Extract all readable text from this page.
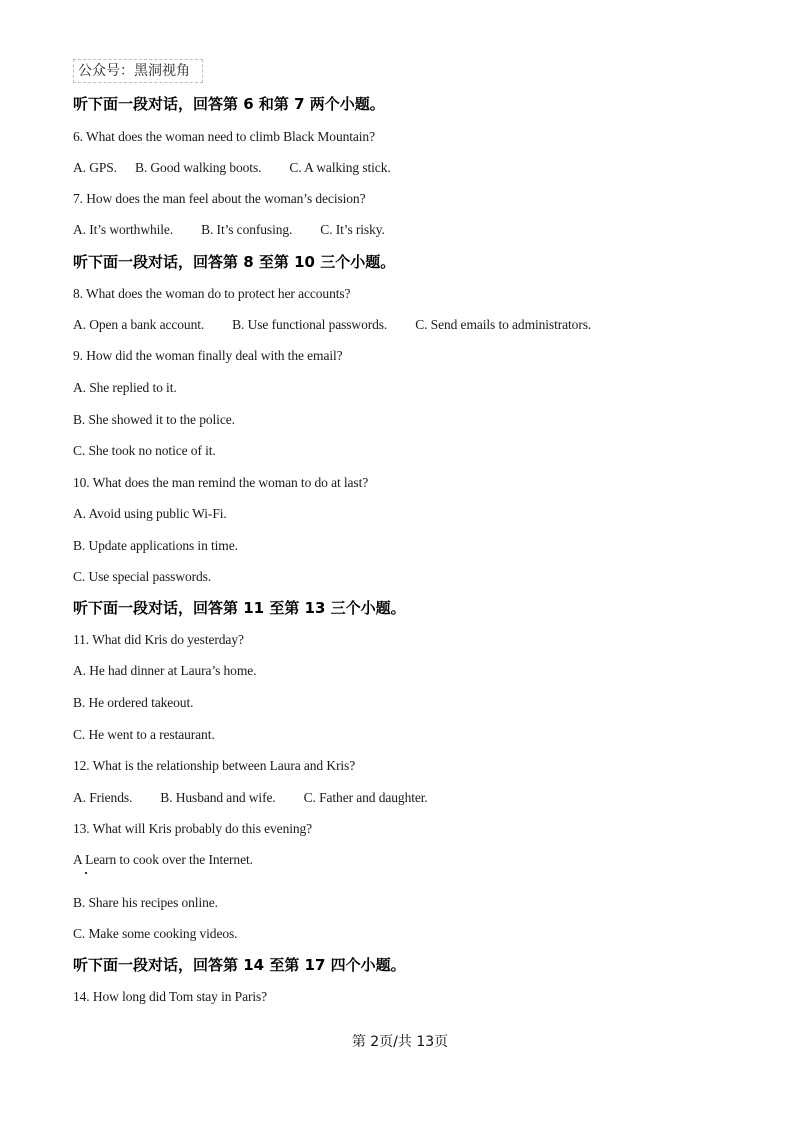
公众号：黑洞视角
听下面一段对话，回答第 6 和第 7 两个小题。
6. What does the woman need to climb Black Mountain?
A. GPS. B. Good walking boots. C. A walking stick.
7. How does the man feel about the woman’s decision?
A. It’s worthwhile. B. It’s confusing. C. It’s risky.
听下面一段对话，回答第 8 至第 10 三个小题。
8. What does the woman do to protect her accounts?
A. Open a bank account. B. Use functional passwords. C. Send emails to administrators.
9. How did the woman finally deal with the email?
A. She replied to it.
B. She showed it to the police.
C. She took no notice of it.
10. What does the man remind the woman to do at last?
A. Avoid using public Wi-Fi.
B. Update applications in time.
C. Use special passwords.
听下面一段对话，回答第 11 至第 13 三个小题。
11. What did Kris do yesterday?
A. He had dinner at Laura’s home.
B. He ordered takeout.
C. He went to a restaurant.
12. What is the relationship between Laura and Kris?
A. Friends. B. Husband and wife. C. Father and daughter.
13. What will Kris probably do this evening?
A Learn to cook over the Internet.
B. Share his recipes online.
C. Make some cooking videos.
听下面一段对话，回答第 14 至第 17 四个小题。
14. How long did Tom stay in Paris?
第 2页/共 13页
